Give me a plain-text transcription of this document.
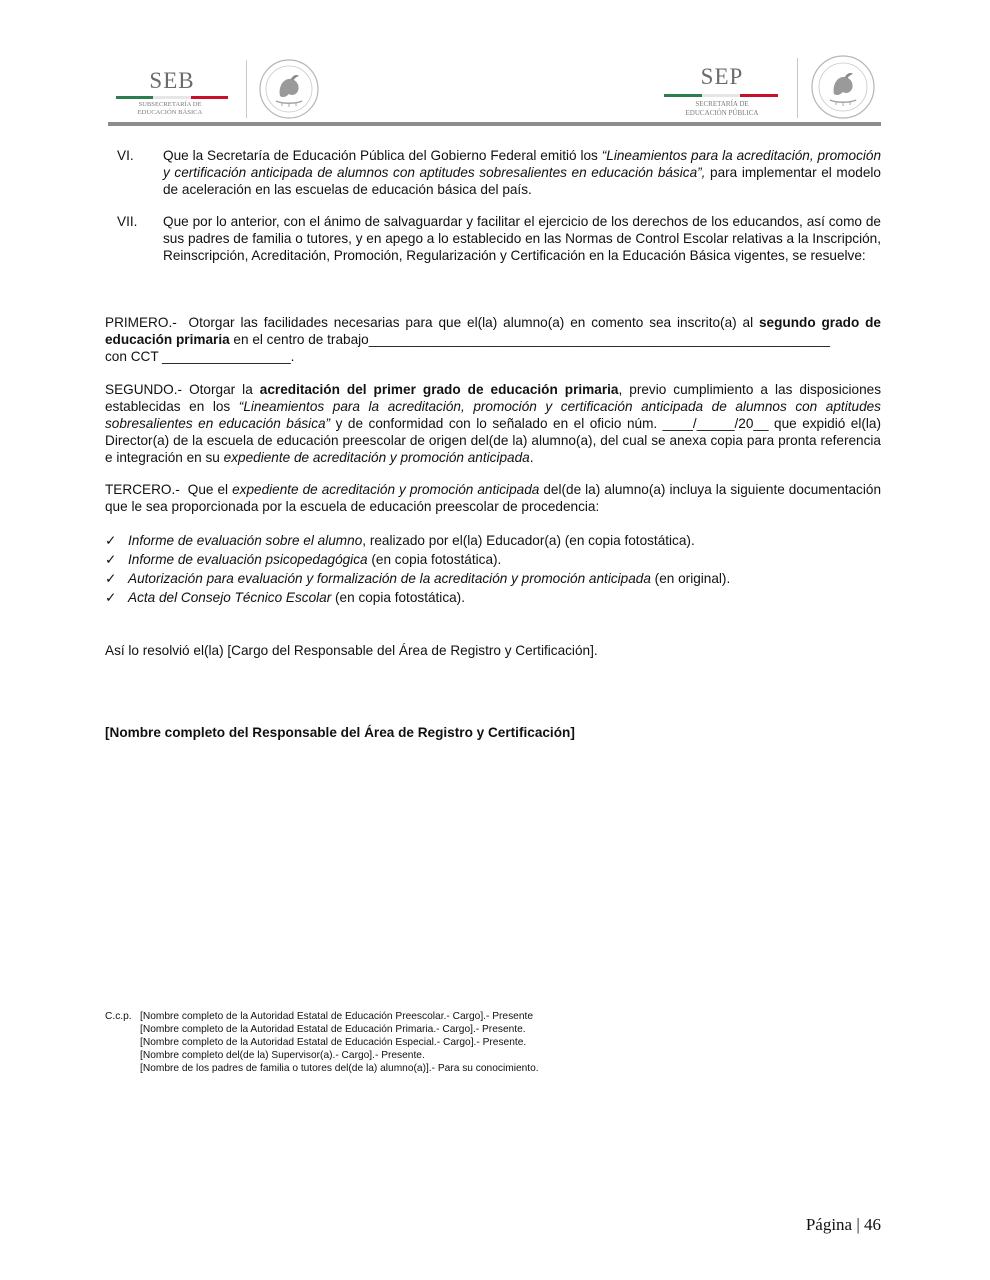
SEB
SUBSECRETARÍA DE
EDUCACIÓN BÁSICA
SEP
SECRETARÍA DE
EDUCACIÓN PÚBLICA
VI.	Que la Secretaría de Educación Pública del Gobierno Federal emitió los “Lineamientos para la acreditación, promoción y certificación anticipada de alumnos con aptitudes sobresalientes en educación básica”, para implementar el modelo de aceleración en las escuelas de educación básica del país.
VII.	Que por lo anterior, con el ánimo de salvaguardar y facilitar el ejercicio de los derechos de los educandos, así como de sus padres de familia o tutores, y en apego a lo establecido en las Normas de Control Escolar relativas a la Inscripción, Reinscripción, Acreditación, Promoción, Regularización y Certificación en la Educación Básica vigentes, se resuelve:
PRIMERO.- Otorgar las facilidades necesarias para que el(la) alumno(a) en comento sea inscrito(a) al segundo grado de educación primaria en el centro de trabajo_____________________________________________________________
con CCT _________________.
SEGUNDO.- Otorgar la acreditación del primer grado de educación primaria, previo cumplimiento a las disposiciones establecidas en los “Lineamientos para la acreditación, promoción y certificación anticipada de alumnos con aptitudes sobresalientes en educación básica” y de conformidad con lo señalado en el oficio núm. ____/_____/20__ que expidió el(la) Director(a) de la escuela de educación preescolar de origen del(de la) alumno(a), del cual se anexa copia para pronta referencia e integración en su expediente de acreditación y promoción anticipada.
TERCERO.- Que el expediente de acreditación y promoción anticipada del(de la) alumno(a) incluya la siguiente documentación que le sea proporcionada por la escuela de educación preescolar de procedencia:
✓ Informe de evaluación sobre el alumno, realizado por el(la) Educador(a) (en copia fotostática).
✓ Informe de evaluación psicopedagógica (en copia fotostática).
✓ Autorización para evaluación y formalización de la acreditación y promoción anticipada (en original).
✓ Acta del Consejo Técnico Escolar (en copia fotostática).
Así lo resolvió el(la) [Cargo del Responsable del Área de Registro y Certificación].
[Nombre completo del Responsable del Área de Registro y Certificación]
C.c.p. [Nombre completo de la Autoridad Estatal de Educación Preescolar.- Cargo].- Presente
[Nombre completo de la Autoridad Estatal de Educación Primaria.- Cargo].- Presente.
[Nombre completo de la Autoridad Estatal de Educación Especial.- Cargo].- Presente.
[Nombre completo del(de la) Supervisor(a).- Cargo].- Presente.
[Nombre de los padres de familia o tutores del(de la) alumno(a)].- Para su conocimiento.
Página | 46
